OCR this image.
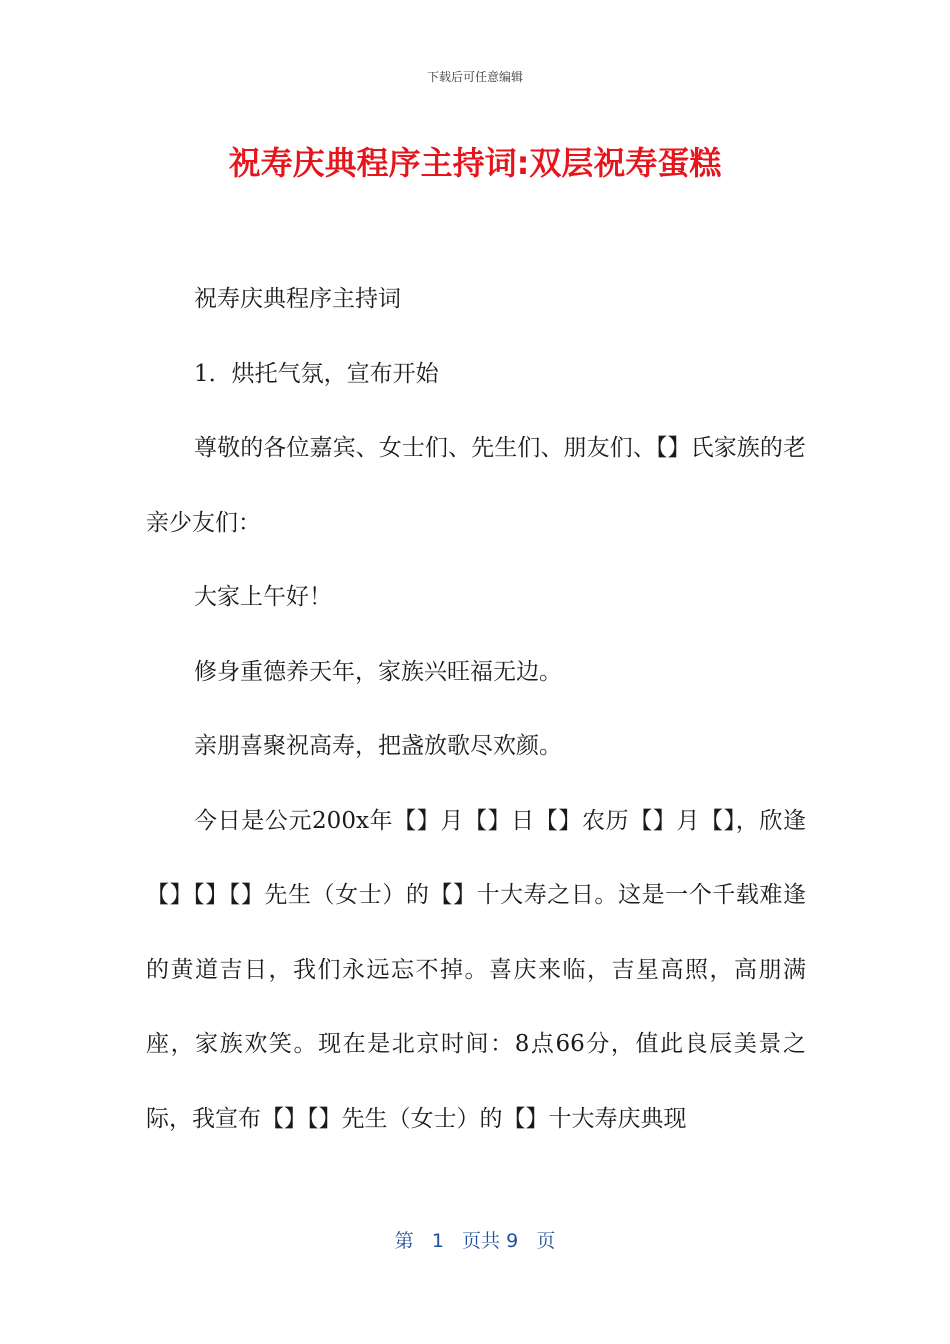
下载后可任意编辑
祝寿庆典程序主持词:双层祝寿蛋糕

祝寿庆典程序主持词

1．烘托气氛，宣布开始

尊敬的各位嘉宾、女士们、先生们、朋友们、【】氏家族的老亲少友们：

大家上午好！

修身重德养天年，家族兴旺福无边。

亲朋喜聚祝高寿，把盏放歌尽欢颜。

今日是公元200x年【】月【】日【】农历【】月【】，欣逢【】【】【】先生（女士）的【】十大寿之日。这是一个千载难逢的黄道吉日，我们永远忘不掉。喜庆来临，吉星高照，高朋满座，家族欢笑。现在是北京时间：8点66分，值此良辰美景之际，我宣布【】【】先生（女士）的【】十大寿庆典现

第 1 页共 9 页
